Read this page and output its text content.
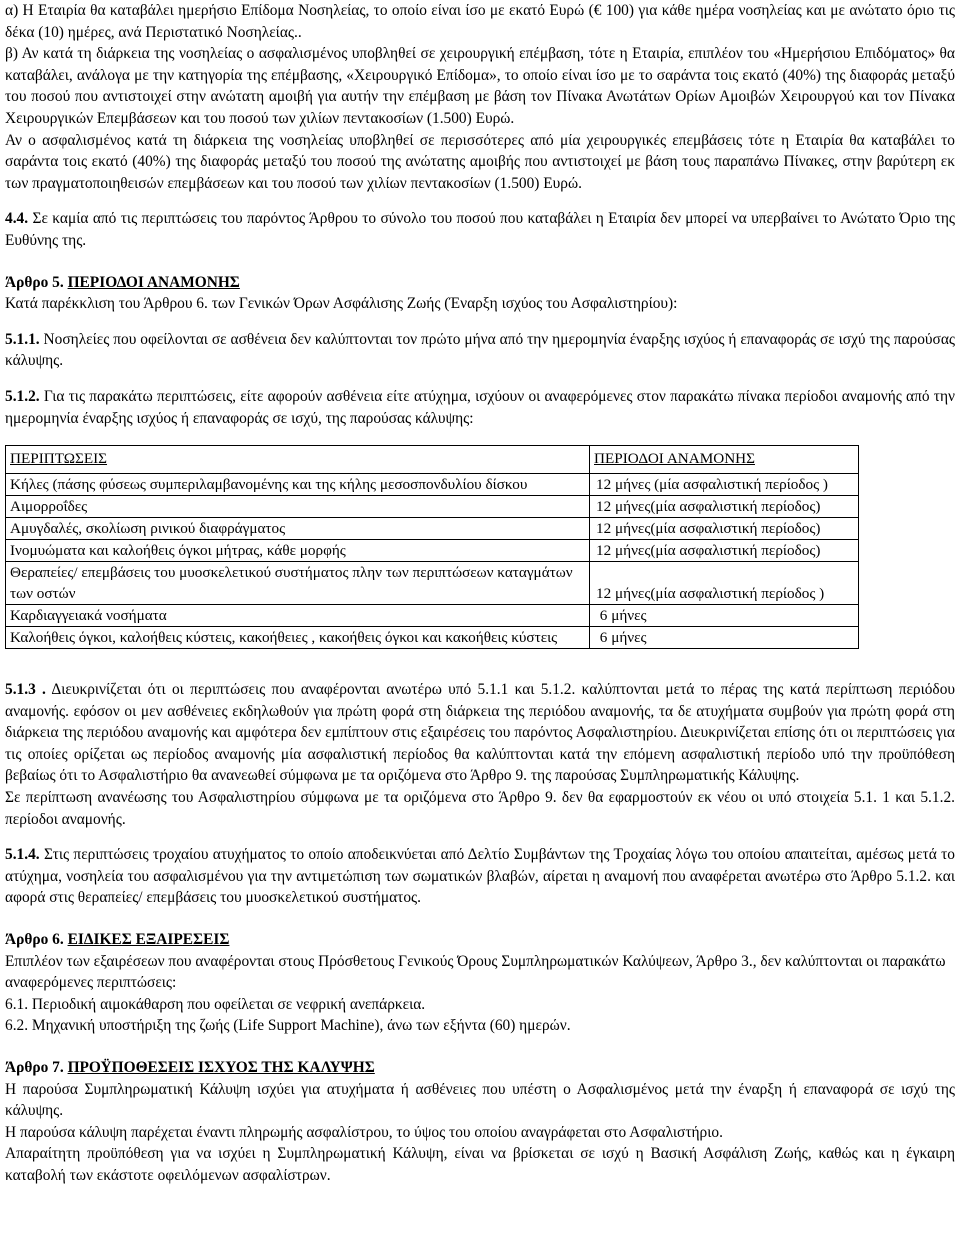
α) Η Εταιρία θα καταβάλει ημερήσιο Επίδομα Νοσηλείας, το οποίο είναι ίσο με εκατό Ευρώ (€ 100) για κάθε ημέρα νοσηλείας και με ανώτατο όριο τις δέκα (10) ημέρες, ανά Περιστατικό Νοσηλείας..

β) Αν κατά τη διάρκεια της νοσηλείας ο ασφαλισμένος υποβληθεί σε χειρουργική επέμβαση, τότε η Εταιρία, επιπλέον του «Ημερήσιου Επιδόματος» θα καταβάλει, ανάλογα με την κατηγορία της επέμβασης, «Χειρουργικό Επίδομα», το οποίο είναι ίσο με το σαράντα τοις εκατό (40%) της διαφοράς μεταξύ του ποσού που αντιστοιχεί στην ανώτατη αμοιβή για αυτήν την επέμβαση με βάση τον Πίνακα Ανωτάτων Ορίων Αμοιβών Χειρουργού και τον Πίνακα Χειρουργικών Επεμβάσεων και του ποσού των χιλίων πεντακοσίων (1.500) Ευρώ.

Αν ο ασφαλισμένος κατά τη διάρκεια της νοσηλείας υποβληθεί σε περισσότερες από μία χειρουργικές επεμβάσεις τότε η Εταιρία θα καταβάλει το σαράντα τοις εκατό (40%) της διαφοράς μεταξύ του ποσού της ανώτατης αμοιβής που αντιστοιχεί με βάση τους παραπάνω Πίνακες, στην βαρύτερη εκ των πραγματοποιηθεισών επεμβάσεων και του ποσού των χιλίων πεντακοσίων (1.500) Ευρώ.

4.4. Σε καμία από τις περιπτώσεις του παρόντος Άρθρου το σύνολο του ποσού που καταβάλει η Εταιρία δεν μπορεί να υπερβαίνει το Ανώτατο Όριο της Ευθύνης της.

Άρθρο 5. ΠΕΡΙΟΔΟΙ ΑΝΑΜΟΝΗΣ

Κατά παρέκκλιση του Άρθρου 6. των Γενικών Όρων Ασφάλισης Ζωής (Έναρξη ισχύος του Ασφαλιστηρίου):

5.1.1. Νοσηλείες που οφείλονται σε ασθένεια δεν καλύπτονται τον πρώτο μήνα από την ημερομηνία έναρξης ισχύος ή επαναφοράς σε ισχύ της παρούσας κάλυψης.

5.1.2. Για τις παρακάτω περιπτώσεις, είτε αφορούν ασθένεια είτε ατύχημα, ισχύουν οι αναφερόμενες στον παρακάτω πίνακα περίοδοι αναμονής από την ημερομηνία έναρξης ισχύος ή επαναφοράς σε ισχύ, της παρούσας κάλυψης:

ΠΕΡΙΠΤΩΣΕΙΣ	ΠΕΡΙΟΔΟΙ ΑΝΑΜΟΝΗΣ
Κήλες (πάσης φύσεως συμπεριλαμβανομένης και της κήλης μεσοσπονδυλίου δίσκου	12 μήνες (μία ασφαλιστική περίοδος )
Αιμορροΐδες	12 μήνες(μία ασφαλιστική περίοδος)
Αμυγδαλές, σκολίωση ρινικού διαφράγματος	12 μήνες(μία ασφαλιστική περίοδος)
Ινομυώματα και καλοήθεις όγκοι μήτρας, κάθε μορφής	12 μήνες(μία ασφαλιστική περίοδος)
Θεραπείες/ επεμβάσεις του μυοσκελετικού συστήματος πλην των περιπτώσεων καταγμάτων των οστών	12 μήνες(μία ασφαλιστική περίοδος )
Καρδιαγγειακά νοσήματα	6 μήνες
Καλοήθεις όγκοι, καλοήθεις κύστεις, κακοήθειες , κακοήθεις όγκοι και κακοήθεις κύστεις	6 μήνες

5.1.3 . Διευκρινίζεται ότι οι περιπτώσεις που αναφέρονται ανωτέρω υπό 5.1.1 και 5.1.2. καλύπτονται μετά το πέρας της κατά περίπτωση περιόδου αναμονής. εφόσον οι μεν ασθένειες εκδηλωθούν για πρώτη φορά στη διάρκεια της περιόδου αναμονής, τα δε ατυχήματα συμβούν για πρώτη φορά στη διάρκεια της περιόδου αναμονής και αμφότερα δεν εμπίπτουν στις εξαιρέσεις του παρόντος Ασφαλιστηρίου. Διευκρινίζεται επίσης ότι οι περιπτώσεις για τις οποίες ορίζεται ως περίοδος αναμονής μία ασφαλιστική περίοδος θα καλύπτονται κατά την επόμενη ασφαλιστική περίοδο υπό την προϋπόθεση βεβαίως ότι το Ασφαλιστήριο θα ανανεωθεί σύμφωνα με τα οριζόμενα στο Άρθρο 9. της παρούσας Συμπληρωματικής Κάλυψης.

Σε περίπτωση ανανέωσης του Ασφαλιστηρίου σύμφωνα με τα οριζόμενα στο Άρθρο 9. δεν θα εφαρμοστούν εκ νέου οι υπό στοιχεία 5.1. 1 και 5.1.2. περίοδοι αναμονής.

5.1.4. Στις περιπτώσεις τροχαίου ατυχήματος το οποίο αποδεικνύεται από Δελτίο Συμβάντων της Τροχαίας λόγω του οποίου απαιτείται, αμέσως μετά το ατύχημα, νοσηλεία του ασφαλισμένου για την αντιμετώπιση των σωματικών βλαβών, αίρεται η αναμονή που αναφέρεται ανωτέρω στο Άρθρο 5.1.2. και αφορά στις θεραπείες/ επεμβάσεις του μυοσκελετικού συστήματος.

Άρθρο 6. ΕΙΔΙΚΕΣ ΕΞΑΙΡΕΣΕΙΣ

Επιπλέον των εξαιρέσεων που αναφέρονται στους Πρόσθετους Γενικούς Όρους Συμπληρωματικών Καλύψεων, Άρθρο 3., δεν καλύπτονται οι παρακάτω αναφερόμενες περιπτώσεις:

6.1. Περιοδική αιμοκάθαρση που οφείλεται σε νεφρική ανεπάρκεια.

6.2. Μηχανική υποστήριξη της ζωής (Life Support Machine), άνω των εξήντα (60) ημερών.

Άρθρο 7. ΠΡΟΫΠΟΘΕΣΕΙΣ ΙΣΧΥΟΣ ΤΗΣ ΚΑΛΥΨΗΣ

Η παρούσα Συμπληρωματική Κάλυψη ισχύει για ατυχήματα ή ασθένειες που υπέστη ο Ασφαλισμένος μετά την έναρξη ή επαναφορά σε ισχύ της κάλυψης.

Η παρούσα κάλυψη παρέχεται έναντι πληρωμής ασφαλίστρου, το ύψος του οποίου αναγράφεται στο Ασφαλιστήριο.

Απαραίτητη προϋπόθεση για να ισχύει η Συμπληρωματική Κάλυψη, είναι να βρίσκεται σε ισχύ η Βασική Ασφάλιση Ζωής, καθώς και η έγκαιρη καταβολή των εκάστοτε οφειλόμενων ασφαλίστρων.
